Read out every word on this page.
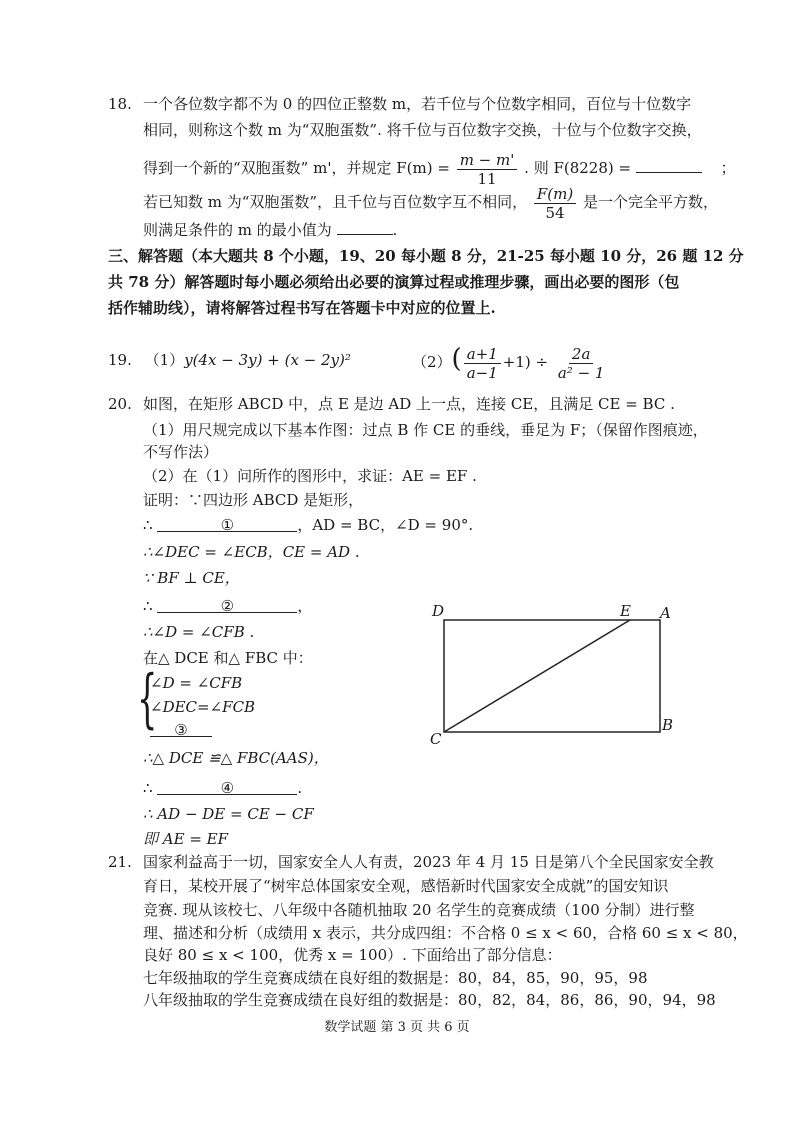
18. 一个各位数字都不为 0 的四位正整数 m，若千位与个位数字相同，百位与十位数字
相同，则称这个数 m 为“双胞蛋数”. 将千位与百位数字交换，十位与个位数字交换，
得到一个新的“双胞蛋数” m'，并规定 $F(m) = \frac{m - m'}{11}$ . 则 F(8228) =	；
若已知数 m 为“双胞蛋数”，且千位与百位数字互不相同， $\frac{F(m)}{54}$ 是一个完全平方数，
则满足条件的 m 的最小值为	.
三、解答题（本大题共 8 个小题，19、20 每小题 8 分，21-25 每小题 10 分，26 题 12 分
共 78 分）解答题时每小题必须给出必要的演算过程或推理步骤，画出必要的图形（包
括作辅助线），请将解答过程书写在答题卡中对应的位置上.
19. （1）y(4x − 3y) + (x − 2y)²	$(2)( \frac{a+1}{a-1} +1) \div \frac{2a}{\text{a² − 1}}$
20. 如图，在矩形 ABCD 中，点 E 是边 AD 上一点，连接 CE，且满足 CE = BC .
（1）用尺规完成以下基本作图：过点 B 作 CE 的垂线，垂足为 F；（保留作图痕迹，
不写作法）
（2）在（1）问所作的图形中，求证：AE = EF .
证明：∵四边形 ABCD 是矩形，
∴	①	，AD = BC，∠D = 90°.
∴∠DEC = ∠ECB，CE = AD .
∵ BF ⊥ CE，
∴	②	，
∴∠D = ∠CFB .
在△ DCE 和△ FBC 中：
{
∠D = ∠CFB
∠DEC=∠FCB
③
∴△ DCE ≌△ FBC(AAS)，
∴	④	.
∴ AD − DE = CE − CF
即 AE = EF
D	E A
C
B
21. 国家利益高于一切，国家安全人人有责，2023 年 4 月 15 日是第八个全民国家安全教
育日，某校开展了“树牢总体国家安全观，感悟新时代国家安全成就”的国安知识
竞赛. 现从该校七、八年级中各随机抽取 20 名学生的竞赛成绩（100 分制）进行整
理、描述和分析（成绩用 x 表示，共分成四组：不合格 0 ≤ x < 60，合格 60 ≤ x < 80，
良好 80 ≤ x < 100，优秀 x = 100）. 下面给出了部分信息：
七年级抽取的学生竞赛成绩在良好组的数据是：80，84，85，90，95，98
八年级抽取的学生竞赛成绩在良好组的数据是：80，82，84，86，86，90，94，98
数学试题 第 3 页 共 6 页
